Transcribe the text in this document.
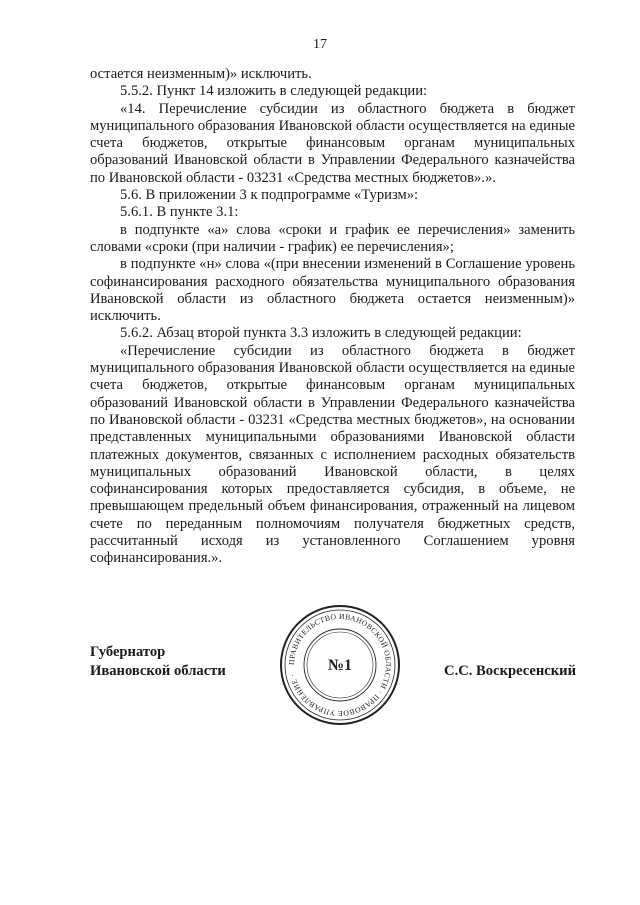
17

остается неизменным)» исключить.

5.5.2. Пункт 14 изложить в следующей редакции:

«14. Перечисление субсидии из областного бюджета в бюджет муниципального образования Ивановской области осуществляется на единые счета бюджетов, открытые финансовым органам муниципальных образований Ивановской области в Управлении Федерального казначейства по Ивановской области - 03231 «Средства местных бюджетов».».

5.6. В приложении 3 к подпрограмме «Туризм»:

5.6.1. В пункте 3.1:

в подпункте «а» слова «сроки и график ее перечисления» заменить словами «сроки (при наличии - график) ее перечисления»;

в подпункте «н» слова «(при внесении изменений в Соглашение уровень софинансирования расходного обязательства муниципального образования Ивановской области из областного бюджета остается неизменным)» исключить.

5.6.2. Абзац второй пункта 3.3 изложить в следующей редакции:

«Перечисление субсидии из областного бюджета в бюджет муниципального образования Ивановской области осуществляется на единые счета бюджетов, открытые финансовым органам муниципальных образований Ивановской области в Управлении Федерального казначейства по Ивановской области - 03231 «Средства местных бюджетов», на основании представленных муниципальными образованиями Ивановской области платежных документов, связанных с исполнением расходных обязательств муниципальных образований Ивановской области, в целях софинансирования которых предоставляется субсидия, в объеме, не превышающем предельный объем финансирования, отраженный на лицевом счете по переданным полномочиям получателя бюджетных средств, рассчитанный исходя из установленного Соглашением уровня софинансирования.».

Губернатор
Ивановской области
ПРАВИТЕЛЬСТВО ИВАНОВСКОЙ ОБЛАСТИ · ПРАВОВОЕ УПРАВЛЕНИЕ ·
№1	С.С. Воскресенский
